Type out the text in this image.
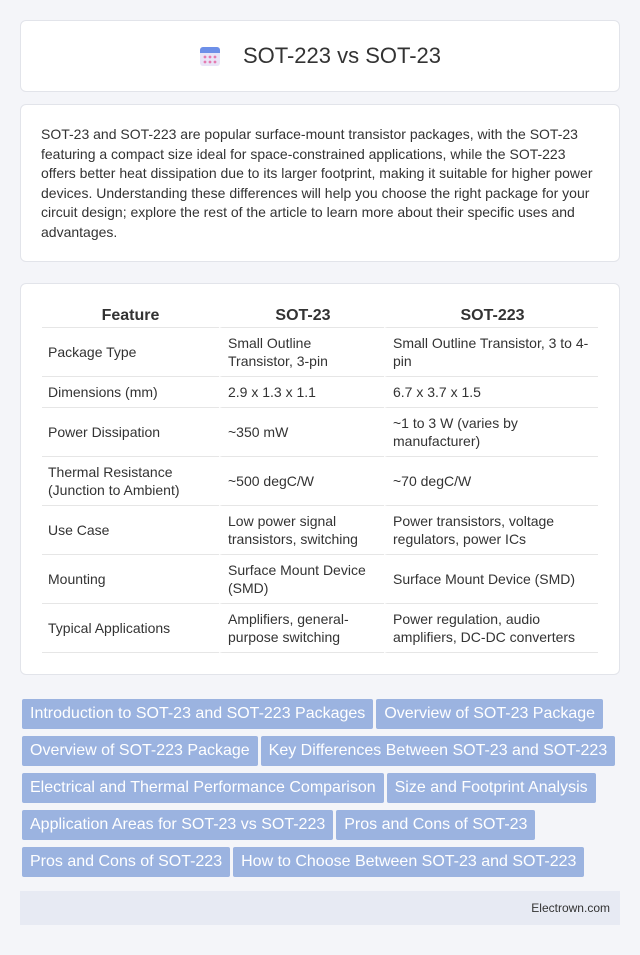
SOT-223 vs SOT-23

SOT-23 and SOT-223 are popular surface-mount transistor packages, with the SOT-23 featuring a compact size ideal for space-constrained applications, while the SOT-223 offers better heat dissipation due to its larger footprint, making it suitable for higher power devices. Understanding these differences will help you choose the right package for your circuit design; explore the rest of the article to learn more about their specific uses and advantages.

Feature	SOT-23	SOT-223
Package Type	Small Outline Transistor, 3-pin	Small Outline Transistor, 3 to 4-pin
Dimensions (mm)	2.9 x 1.3 x 1.1	6.7 x 3.7 x 1.5
Power Dissipation	~350 mW	~1 to 3 W (varies by manufacturer)
Thermal Resistance (Junction to Ambient)	~500 degC/W	~70 degC/W
Use Case	Low power signal transistors, switching	Power transistors, voltage regulators, power ICs
Mounting	Surface Mount Device (SMD)	Surface Mount Device (SMD)
Typical Applications	Amplifiers, general-purpose switching	Power regulation, audio amplifiers, DC-DC converters
Introduction to SOT-23 and SOT-223 Packages Overview of SOT-23 Package
Overview of SOT-223 Package Key Differences Between SOT-23 and SOT-223
Electrical and Thermal Performance Comparison Size and Footprint Analysis
Application Areas for SOT-23 vs SOT-223 Pros and Cons of SOT-23
Pros and Cons of SOT-223 How to Choose Between SOT-23 and SOT-223
Electrown.com
